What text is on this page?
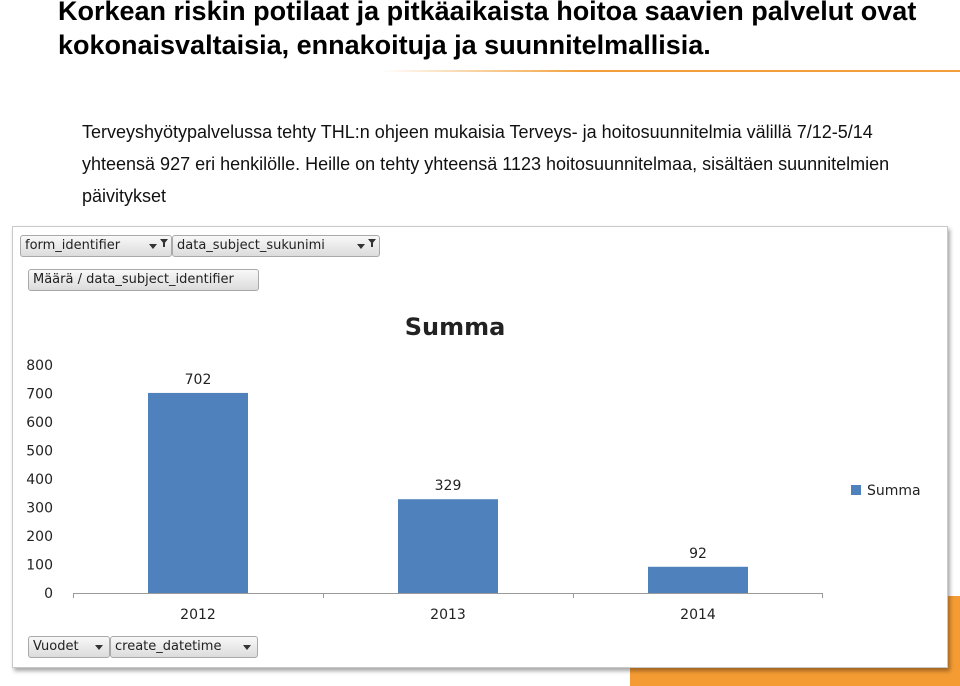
Korkean riskin potilaat ja pitkäaikaista hoitoa saavien palvelut ovat kokonaisvaltaisia, ennakoituja ja suunnitelmallisia.

Terveyshyötypalvelussa tehty THL:n ohjeen mukaisia Terveys- ja hoitosuunnitelmia välillä 7/12-5/14 yhteensä 927 eri henkilölle. Heille on tehty yhteensä 1123 hoitosuunnitelmaa, sisältäen suunnitelmien päivitykset

form_identifier	data_subject_sukunimi
Määrä / data_subject_identifier
Summa
0
100
200
300
400
500
600
700
800
702
2012
329
2013
92
2014
Summa
Vuodet	create_datetime
